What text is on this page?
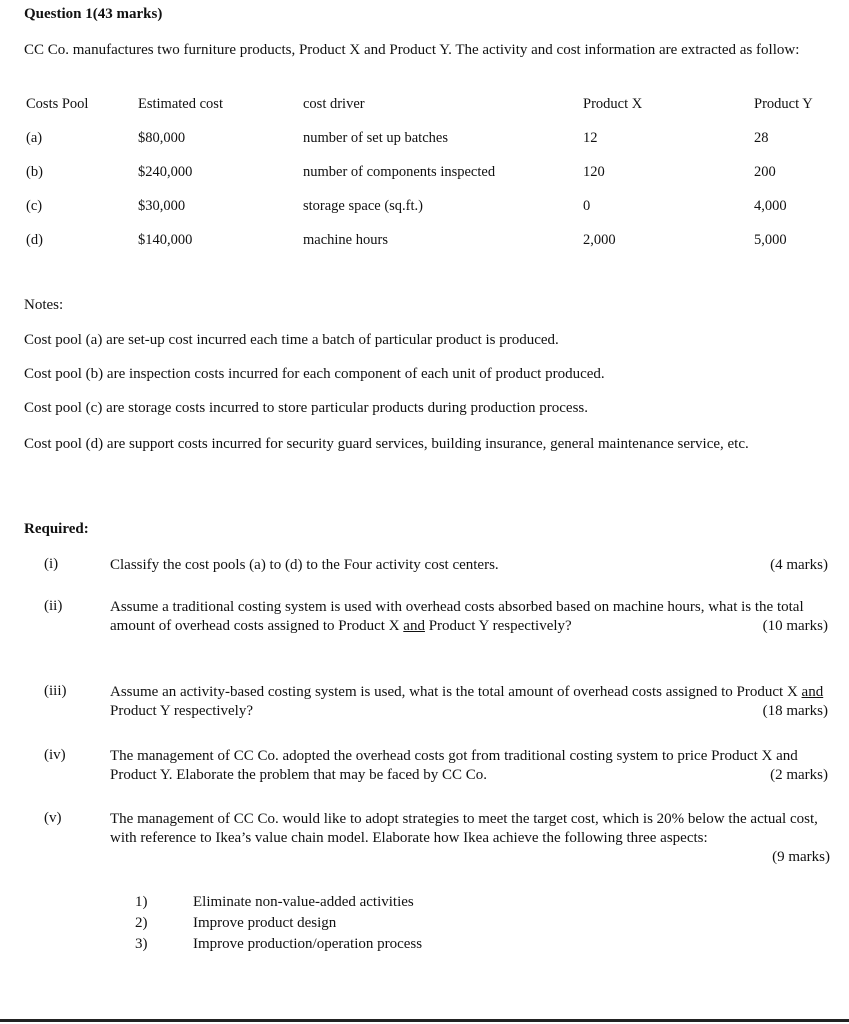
Question 1(43 marks)
CC Co. manufactures two furniture products, Product X and Product Y. The activity and cost information are extracted as follow:
Costs Pool	Estimated cost	cost driver	Product X	Product Y
(a)	$80,000	number of set up batches	12	28
(b)	$240,000	number of components inspected	120	200
(c)	$30,000	storage space (sq.ft.)	0	4,000
(d)	$140,000	machine hours	2,000	5,000
Notes:
Cost pool (a) are set-up cost incurred each time a batch of particular product is produced.
Cost pool (b) are inspection costs incurred for each component of each unit of product produced.
Cost pool (c) are storage costs incurred to store particular products during production process.
Cost pool (d) are support costs incurred for security guard services, building insurance, general maintenance service, etc.
Required:
(i)	Classify the cost pools (a) to (d) to the Four activity cost centers.	(4 marks)
(ii)	Assume a traditional costing system is used with overhead costs absorbed based on machine hours, what is the total amount of overhead costs assigned to Product X and Product Y respectively?	(10 marks)
(iii)	Assume an activity-based costing system is used, what is the total amount of overhead costs assigned to Product X and Product Y respectively?	(18 marks)
(iv)	The management of CC Co. adopted the overhead costs got from traditional costing system to price Product X and Product Y. Elaborate the problem that may be faced by CC Co.	(2 marks)
(v)	The management of CC Co. would like to adopt strategies to meet the target cost, which is 20% below the actual cost, with reference to Ikea’s value chain model. Elaborate how Ikea achieve the following three aspects:
(9 marks)
1)	Eliminate non-value-added activities
2)	Improve product design
3)	Improve production/operation process
